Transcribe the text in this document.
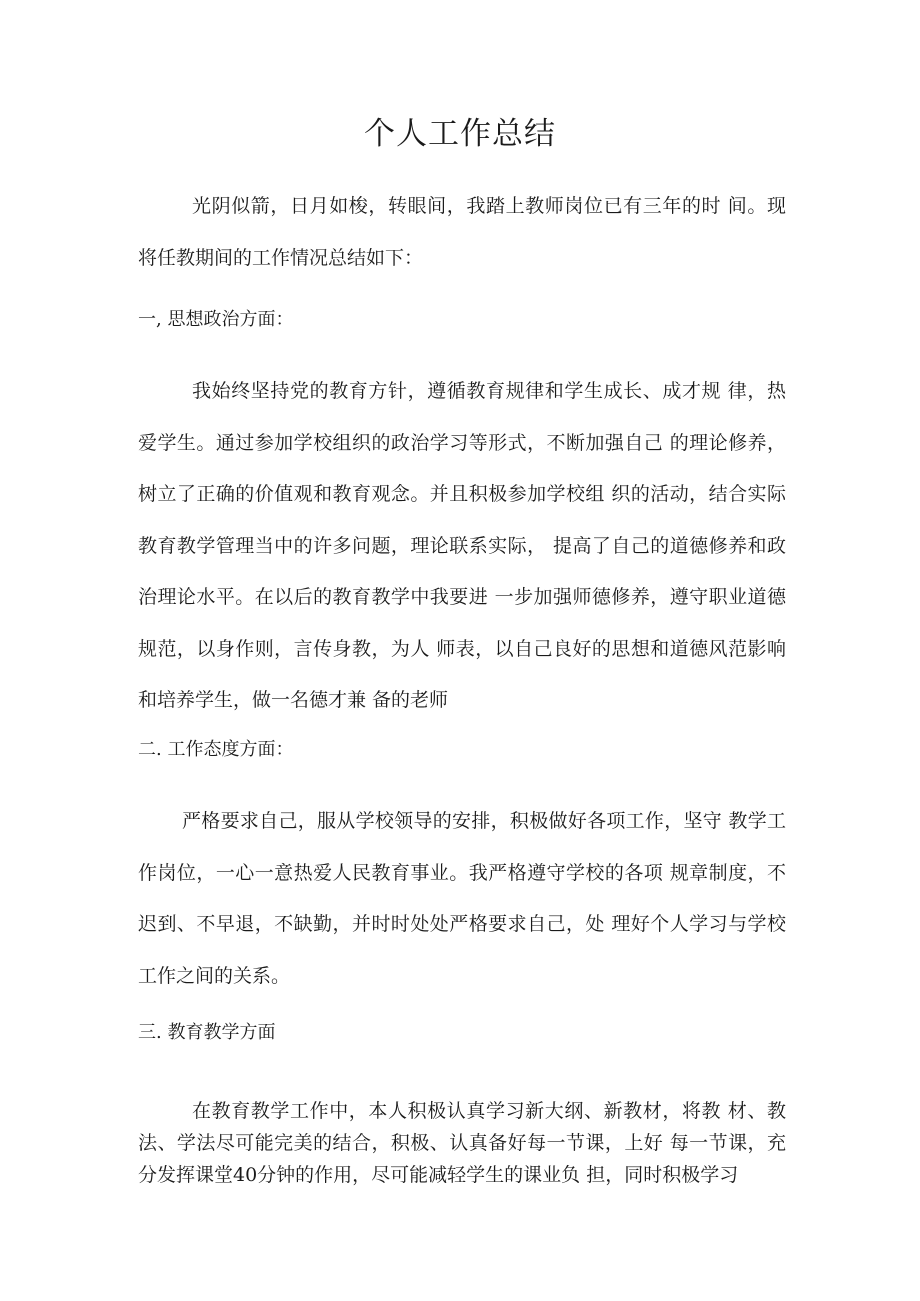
个人工作总结

光阴似箭，日月如梭，转眼间，我踏上教师岗位已有三年的时 间。现将任教期间的工作情况总结如下：

一, 思想政治方面：

我始终坚持党的教育方针，遵循教育规律和学生成长、成才规 律，热爱学生。通过参加学校组织的政治学习等形式，不断加强自己 的理论修养，树立了正确的价值观和教育观念。并且积极参加学校组 织的活动，结合实际教育教学管理当中的许多问题，理论联系实际， 提高了自己的道德修养和政治理论水平。在以后的教育教学中我要进 一步加强师德修养，遵守职业道德规范，以身作则，言传身教，为人 师表，以自己良好的思想和道德风范影响和培养学生，做一名德才兼 备的老师

二. 工作态度方面：

严格要求自己，服从学校领导的安排，积极做好各项工作，坚守 教学工作岗位，一心一意热爱人民教育事业。我严格遵守学校的各项 规章制度，不迟到、不早退，不缺勤，并时时处处严格要求自己，处 理好个人学习与学校工作之间的关系。

三. 教育教学方面

在教育教学工作中，本人积极认真学习新大纲、新教材，将教 材、教法、学法尽可能完美的结合，积极、认真备好每一节课，上好 每一节课，充分发挥课堂40分钟的作用，尽可能减轻学生的课业负 担，同时积极学习
